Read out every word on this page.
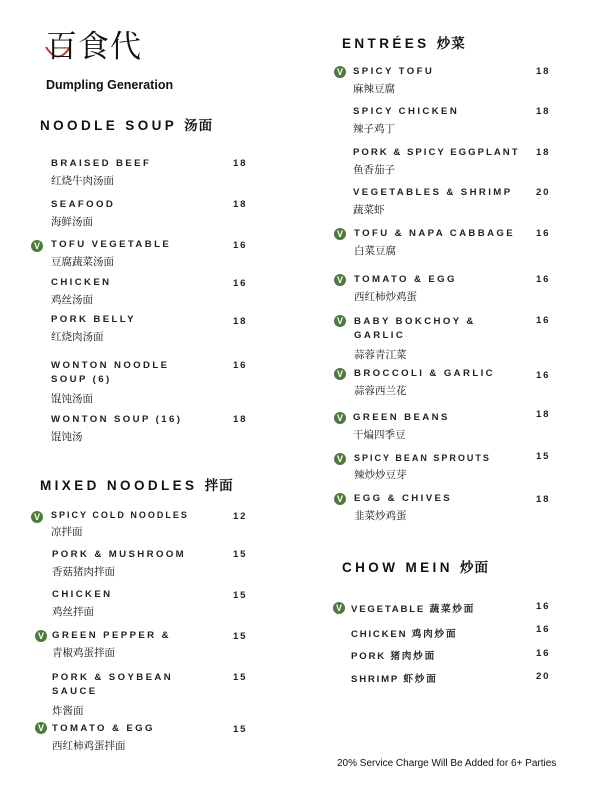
百食代
Dumpling Generation
NOODLE SOUP 汤面
BRAISED BEEF
红烧牛肉汤面
18
SEAFOOD
海鲜汤面
18
V	TOFU VEGETABLE
豆腐蔬菜汤面
16
CHICKEN
鸡丝汤面
16
PORK BELLY
红烧肉汤面
18
WONTON NOODLE SOUP (6)
馄饨汤面
16
WONTON SOUP (16)
馄饨汤
18
MIXED NOODLES 拌面
V	SPICY COLD NOODLES
凉拌面
12
PORK & MUSHROOM
香菇猪肉拌面
15
CHICKEN
鸡丝拌面
15
V GREEN PEPPER &
青椒鸡蛋拌面
15
PORK & SOYBEAN SAUCE
炸酱面
15
V TOMATO & EGG
西红柿鸡蛋拌面
15
ENTRÉES 炒菜
V	SPICY TOFU
麻辣豆腐
18
SPICY CHICKEN
辣子鸡丁
18
PORK & SPICY EGGPLANT
鱼香茄子
18
VEGETABLES & SHRIMP
蔬菜虾
20
V	TOFU & NAPA CABBAGE
白菜豆腐
16
V	TOMATO & EGG
西红柿炒鸡蛋
16
V	BABY BOKCHOY & GARLIC
蒜蓉青江菜
16
V	BROCCOLI & GARLIC
蒜蓉西兰花
16
V	GREEN BEANS
干煸四季豆
18
V	SPICY BEAN SPROUTS
辣炒炒豆芽
15
V	EGG & CHIVES
韭菜炒鸡蛋
18
CHOW MEIN 炒面
V VEGETABLE 蔬菜炒面	16
CHICKEN 鸡肉炒面	16
PORK 猪肉炒面	16
SHRIMP 虾炒面	20
20% Service Charge Will Be Added for 6+ Parties
